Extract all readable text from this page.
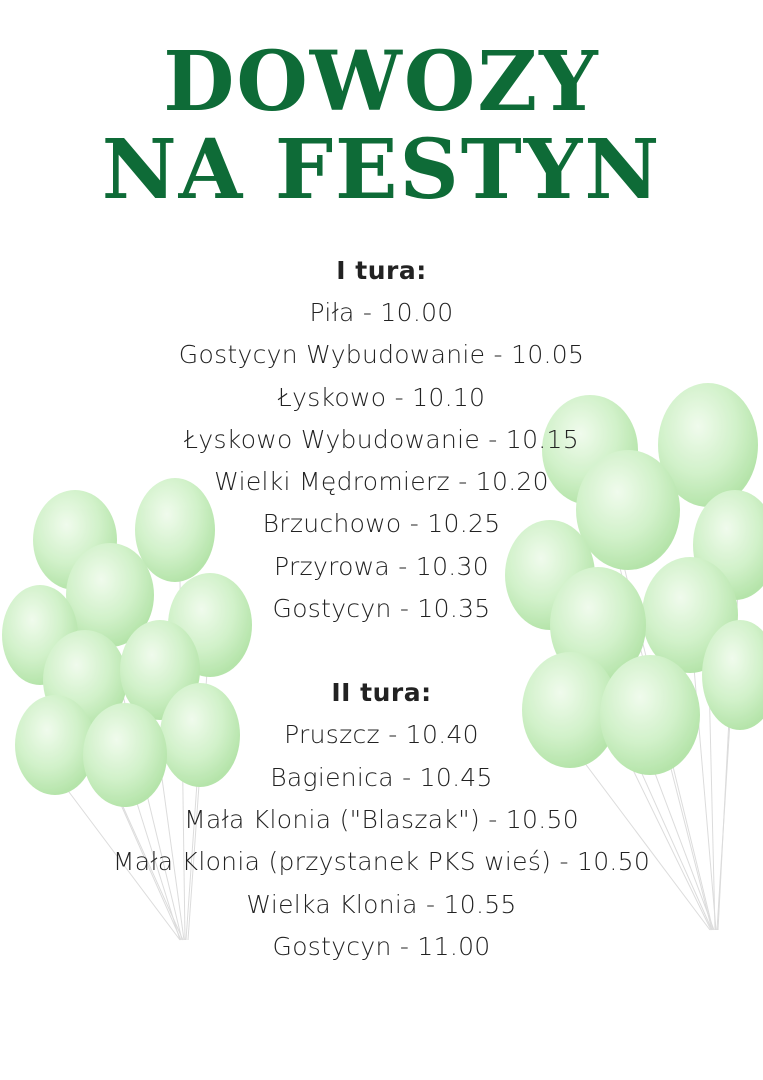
DOWOZY
NA FESTYN
I tura:
Piła - 10.00
Gostycyn Wybudowanie - 10.05
Łyskowo - 10.10
Łyskowo Wybudowanie - 10.15
Wielki Mędromierz - 10.20
Brzuchowo - 10.25
Przyrowa - 10.30
Gostycyn - 10.35
II tura:
Pruszcz - 10.40
Bagienica - 10.45
Mała Klonia ("Blaszak") - 10.50
Mała Klonia (przystanek PKS wieś) - 10.50
Wielka Klonia - 10.55
Gostycyn - 11.00
